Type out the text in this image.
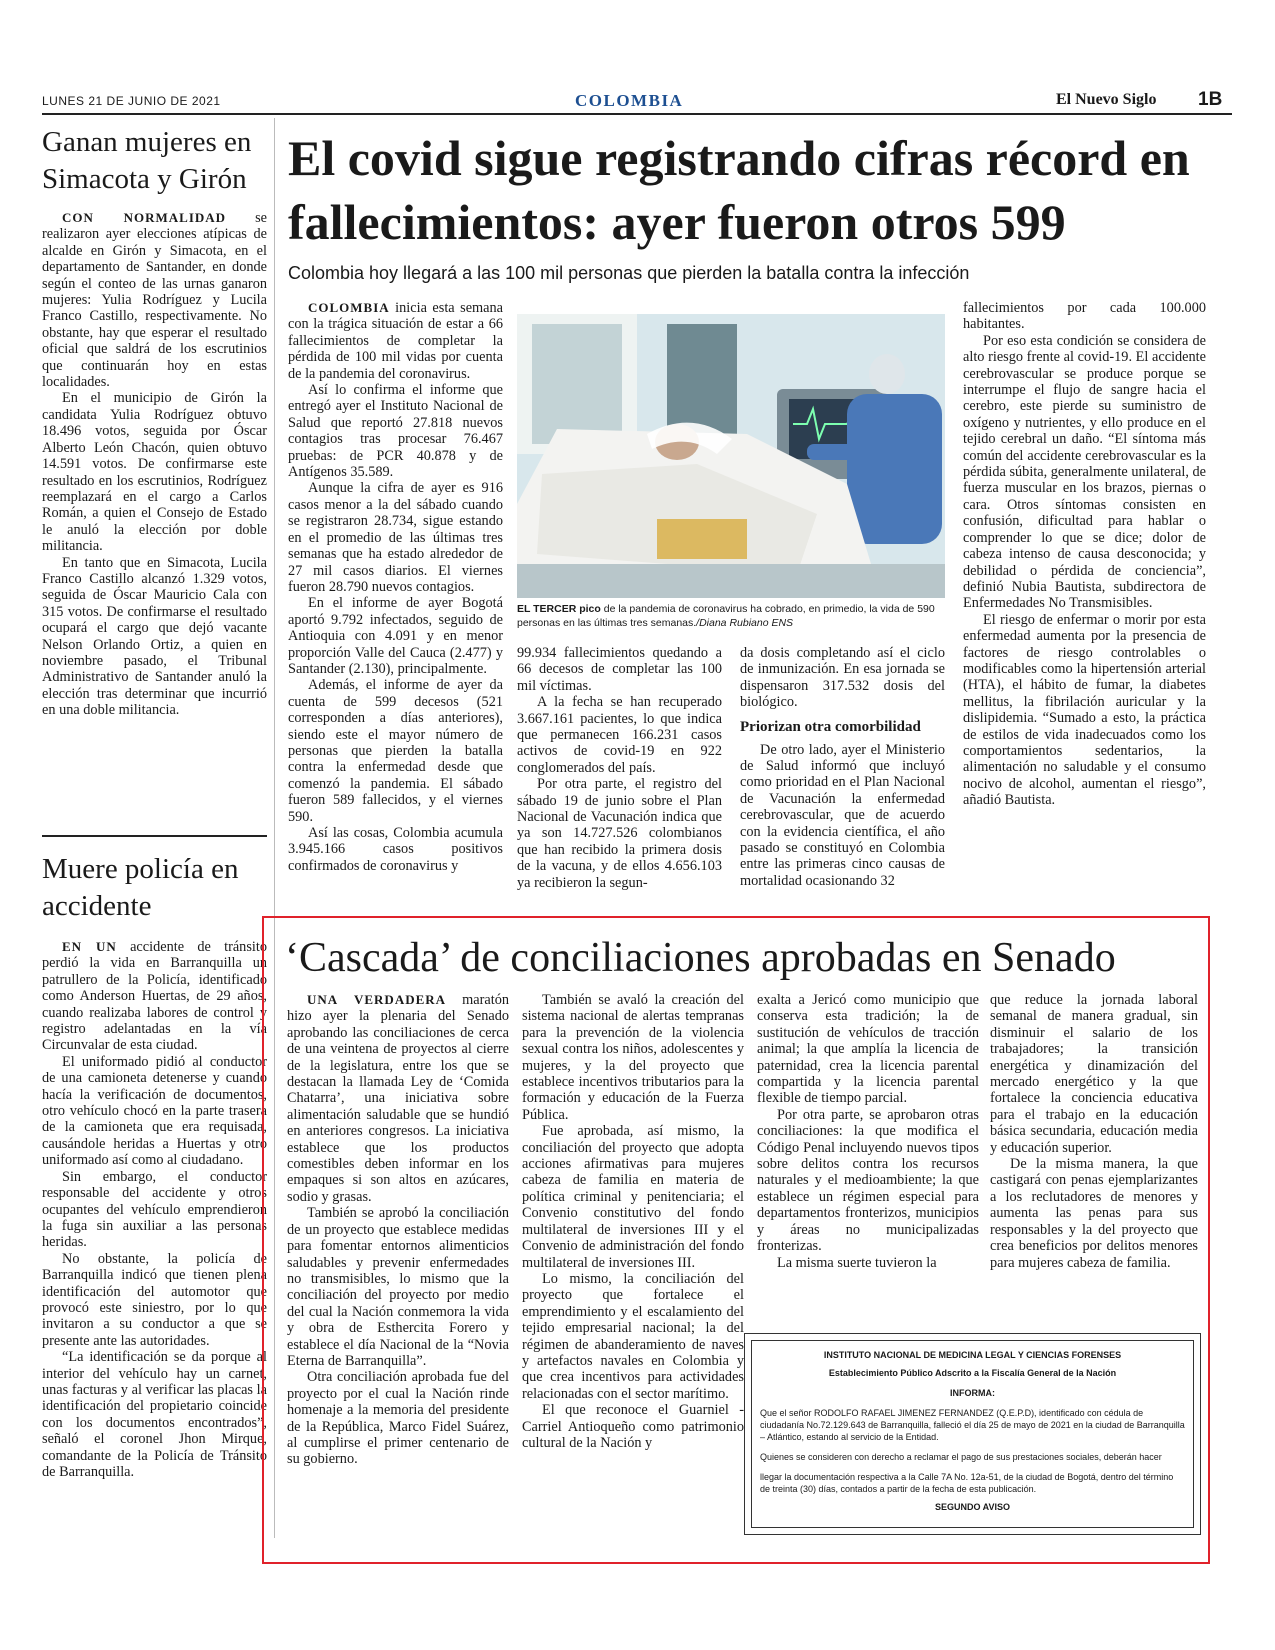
LUNES 21 DE JUNIO DE 2021	COLOMBIA	El Nuevo Siglo 1B
Ganan mujeres en Simacota y Girón

CON NORMALIDAD se realizaron ayer elecciones atípicas de alcalde en Girón y Simacota, en el departamento de Santander, en donde según el conteo de las urnas ganaron mujeres: Yulia Rodríguez y Lucila Franco Castillo, respectivamente. No obstante, hay que esperar el resultado oficial que saldrá de los escrutinios que continuarán hoy en estas localidades.

En el municipio de Girón la candidata Yulia Rodríguez obtuvo 18.496 votos, seguida por Óscar Alberto León Chacón, quien obtuvo 14.591 votos. De confirmarse este resultado en los escrutinios, Rodríguez reemplazará en el cargo a Carlos Román, a quien el Consejo de Estado le anuló la elección por doble militancia.

En tanto que en Simacota, Lucila Franco Castillo alcanzó 1.329 votos, seguida de Óscar Mauricio Cala con 315 votos. De confirmarse el resultado ocupará el cargo que dejó vacante Nelson Orlando Ortiz, a quien en noviembre pasado, el Tribunal Administrativo de Santander anuló la elección tras determinar que incurrió en una doble militancia.

Muere policía en accidente

EN UN accidente de tránsito perdió la vida en Barranquilla un patrullero de la Policía, identificado como Anderson Huertas, de 29 años, cuando realizaba labores de control y registro adelantadas en la vía Circunvalar de esta ciudad.

El uniformado pidió al conductor de una camioneta detenerse y cuando hacía la verificación de documentos, otro vehículo chocó en la parte trasera de la camioneta que era requisada, causándole heridas a Huertas y otro uniformado así como al ciudadano.

Sin embargo, el conductor responsable del accidente y otros ocupantes del vehículo emprendieron la fuga sin auxiliar a las personas heridas.

No obstante, la policía de Barranquilla indicó que tienen plena identificación del automotor que provocó este siniestro, por lo que invitaron a su conductor a que se presente ante las autoridades.

“La identificación se da porque al interior del vehículo hay un carnet, unas facturas y al verificar las placas la identificación del propietario coincide con los documentos encontrados”, señaló el coronel Jhon Mirque, comandante de la Policía de Tránsito de Barranquilla.

El covid sigue registrando cifras récord en fallecimientos: ayer fueron otros 599

Colombia hoy llegará a las 100 mil personas que pierden la batalla contra la infección

COLOMBIA inicia esta semana con la trágica situación de estar a 66 fallecimientos de completar la pérdida de 100 mil vidas por cuenta de la pandemia del coronavirus.

Así lo confirma el informe que entregó ayer el Instituto Nacional de Salud que reportó 27.818 nuevos contagios tras procesar 76.467 pruebas: de PCR 40.878 y de Antígenos 35.589.

Aunque la cifra de ayer es 916 casos menor a la del sábado cuando se registraron 28.734, sigue estando en el promedio de las últimas tres semanas que ha estado alrededor de 27 mil casos diarios. El viernes fueron 28.790 nuevos contagios.

En el informe de ayer Bogotá aportó 9.792 infectados, seguido de Antioquia con 4.091 y en menor proporción Valle del Cauca (2.477) y Santander (2.130), principalmente.

Además, el informe de ayer da cuenta de 599 decesos (521 corresponden a días anteriores), siendo este el mayor número de personas que pierden la batalla contra la enfermedad desde que comenzó la pandemia. El sábado fueron 589 fallecidos, y el viernes 590.

Así las cosas, Colombia acumula 3.945.166 casos positivos confirmados de coronavirus y

EL TERCER pico de la pandemia de coronavirus ha cobrado, en primedio, la vida de 590 personas en las últimas tres semanas./Diana Rubiano ENS

99.934 fallecimientos quedando a 66 decesos de completar las 100 mil víctimas.

A la fecha se han recuperado 3.667.161 pacientes, lo que indica que permanecen 166.231 casos activos de covid-19 en 922 conglomerados del país.

Por otra parte, el registro del sábado 19 de junio sobre el Plan Nacional de Vacunación indica que ya son 14.727.526 colombianos que han recibido la primera dosis de la vacuna, y de ellos 4.656.103 ya recibieron la segun-

da dosis completando así el ciclo de inmunización. En esa jornada se dispensaron 317.532 dosis del biológico.

Priorizan otra comorbilidad

De otro lado, ayer el Ministerio de Salud informó que incluyó como prioridad en el Plan Nacional de Vacunación la enfermedad cerebrovascular, que de acuerdo con la evidencia científica, el año pasado se constituyó en Colombia entre las primeras cinco causas de mortalidad ocasionando 32

fallecimientos por cada 100.000 habitantes.

Por eso esta condición se considera de alto riesgo frente al covid-19. El accidente cerebrovascular se produce porque se interrumpe el flujo de sangre hacia el cerebro, este pierde su suministro de oxígeno y nutrientes, y ello produce en el tejido cerebral un daño. “El síntoma más común del accidente cerebrovascular es la pérdida súbita, generalmente unilateral, de fuerza muscular en los brazos, piernas o cara. Otros síntomas consisten en confusión, dificultad para hablar o comprender lo que se dice; dolor de cabeza intenso de causa desconocida; y debilidad o pérdida de conciencia”, definió Nubia Bautista, subdirectora de Enfermedades No Transmisibles.

El riesgo de enfermar o morir por esta enfermedad aumenta por la presencia de factores de riesgo controlables o modificables como la hipertensión arterial (HTA), el hábito de fumar, la diabetes mellitus, la fibrilación auricular y la dislipidemia. “Sumado a esto, la práctica de estilos de vida inadecuados como los comportamientos sedentarios, la alimentación no saludable y el consumo nocivo de alcohol, aumentan el riesgo”, añadió Bautista.

‘Cascada’ de conciliaciones aprobadas en Senado

UNA VERDADERA maratón hizo ayer la plenaria del Senado aprobando las conciliaciones de cerca de una veintena de proyectos al cierre de la legislatura, entre los que se destacan la llamada Ley de ‘Comida Chatarra’, una iniciativa sobre alimentación saludable que se hundió en anteriores congresos. La iniciativa establece que los productos comestibles deben informar en los empaques si son altos en azúcares, sodio y grasas.

También se aprobó la conciliación de un proyecto que establece medidas para fomentar entornos alimenticios saludables y prevenir enfermedades no transmisibles, lo mismo que la conciliación del proyecto por medio del cual la Nación conmemora la vida y obra de Esthercita Forero y establece el día Nacional de la “Novia Eterna de Barranquilla”.

Otra conciliación aprobada fue del proyecto por el cual la Nación rinde homenaje a la memoria del presidente de la República, Marco Fidel Suárez, al cumplirse el primer centenario de su gobierno.

También se avaló la creación del sistema nacional de alertas tempranas para la prevención de la violencia sexual contra los niños, adolescentes y mujeres, y la del proyecto que establece incentivos tributarios para la formación y educación de la Fuerza Pública.

Fue aprobada, así mismo, la conciliación del proyecto que adopta acciones afirmativas para mujeres cabeza de familia en materia de política criminal y penitenciaria; el Convenio constitutivo del fondo multilateral de inversiones III y el Convenio de administración del fondo multilateral de inversiones III.

Lo mismo, la conciliación del proyecto que fortalece el emprendimiento y el escalamiento del tejido empresarial nacional; la del régimen de abanderamiento de naves y artefactos navales en Colombia y que crea incentivos para actividades relacionadas con el sector marítimo.

El que reconoce el Guarniel - Carriel Antioqueño como patrimonio cultural de la Nación y

exalta a Jericó como municipio que conserva esta tradición; la de sustitución de vehículos de tracción animal; la que amplía la licencia de paternidad, crea la licencia parental compartida y la licencia parental flexible de tiempo parcial.

Por otra parte, se aprobaron otras conciliaciones: la que modifica el Código Penal incluyendo nuevos tipos sobre delitos contra los recursos naturales y el medioambiente; la que establece un régimen especial para departamentos fronterizos, municipios y áreas no municipalizadas fronterizas.

La misma suerte tuvieron la

que reduce la jornada laboral semanal de manera gradual, sin disminuir el salario de los trabajadores; la transición energética y dinamización del mercado energético y la que fortalece la conciencia educativa para el trabajo en la educación básica secundaria, educación media y educación superior.

De la misma manera, la que castigará con penas ejemplarizantes a los reclutadores de menores y aumenta las penas para sus responsables y la del proyecto que crea beneficios por delitos menores para mujeres cabeza de familia.

INSTITUTO NACIONAL DE MEDICINA LEGAL Y CIENCIAS FORENSES

Establecimiento Público Adscrito a la Fiscalía General de la Nación

INFORMA:

Que el señor RODOLFO RAFAEL JIMENEZ FERNANDEZ (Q.E.P.D), identificado con cédula de ciudadanía No.72.129.643 de Barranquilla, falleció el día 25 de mayo de 2021 en la ciudad de Barranquilla – Atlántico, estando al servicio de la Entidad.

Quienes se consideren con derecho a reclamar el pago de sus prestaciones sociales, deberán hacer

llegar la documentación respectiva a la Calle 7A No. 12a-51, de la ciudad de Bogotá, dentro del término de treinta (30) días, contados a partir de la fecha de esta publicación.

SEGUNDO AVISO
